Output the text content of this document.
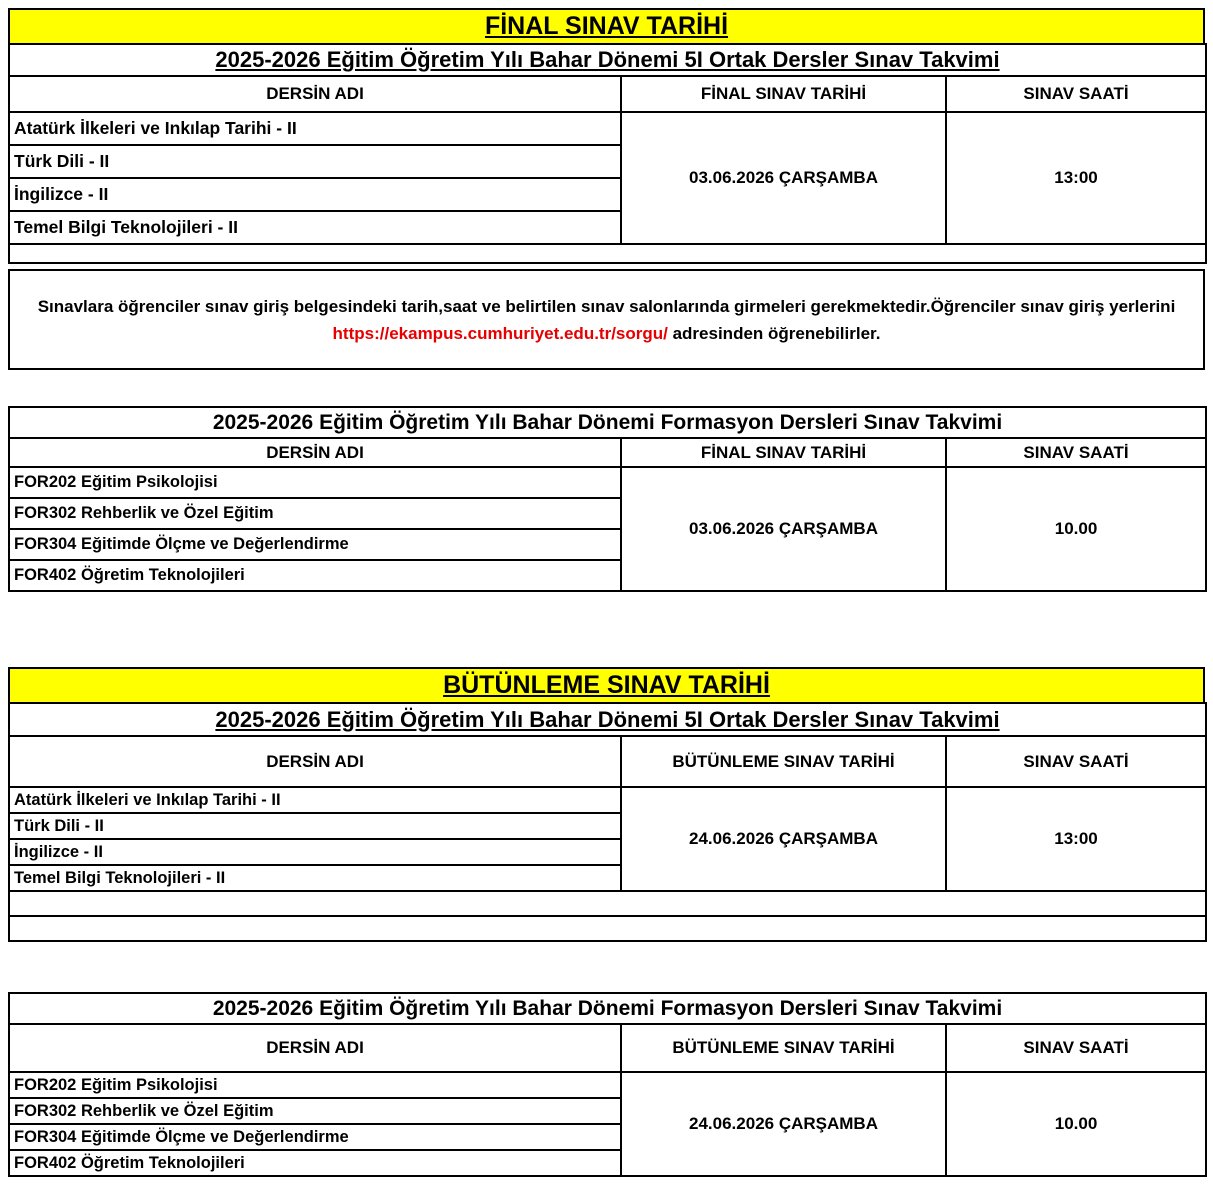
FİNAL SINAV TARİHİ
2025-2026 Eğitim Öğretim Yılı Bahar Dönemi 5I Ortak Dersler Sınav Takvimi		
DERSİN ADI	FİNAL SINAV TARİHİ	SINAV SAATİ
Atatürk İlkeleri ve Inkılap Tarihi - II	03.06.2026 ÇARŞAMBA	13:00
Türk Dili - II		
İngilizce - II		
Temel Bilgi Teknolojileri - II		

Sınavlara öğrenciler sınav giriş belgesindeki tarih,saat ve belirtilen sınav salonlarında girmeleri gerekmektedir.Öğrenciler sınav giriş yerlerini https://ekampus.cumhuriyet.edu.tr/sorgu/ adresinden öğrenebilirler.
2025-2026 Eğitim Öğretim Yılı Bahar Dönemi Formasyon Dersleri Sınav Takvimi		
DERSİN ADI	FİNAL SINAV TARİHİ	SINAV SAATİ
FOR202 Eğitim Psikolojisi	03.06.2026 ÇARŞAMBA	10.00
FOR302 Rehberlik ve Özel Eğitim		
FOR304 Eğitimde Ölçme ve Değerlendirme		
FOR402 Öğretim Teknolojileri		
BÜTÜNLEME SINAV TARİHİ
2025-2026 Eğitim Öğretim Yılı Bahar Dönemi 5I Ortak Dersler Sınav Takvimi		
DERSİN ADI	BÜTÜNLEME SINAV TARİHİ	SINAV SAATİ
Atatürk İlkeleri ve Inkılap Tarihi - II	24.06.2026 ÇARŞAMBA	13:00
Türk Dili - II		
İngilizce - II		
Temel Bilgi Teknolojileri - II		

2025-2026 Eğitim Öğretim Yılı Bahar Dönemi Formasyon Dersleri Sınav Takvimi		
DERSİN ADI	BÜTÜNLEME SINAV TARİHİ	SINAV SAATİ
FOR202 Eğitim Psikolojisi	24.06.2026 ÇARŞAMBA	10.00
FOR302 Rehberlik ve Özel Eğitim		
FOR304 Eğitimde Ölçme ve Değerlendirme		
FOR402 Öğretim Teknolojileri		
